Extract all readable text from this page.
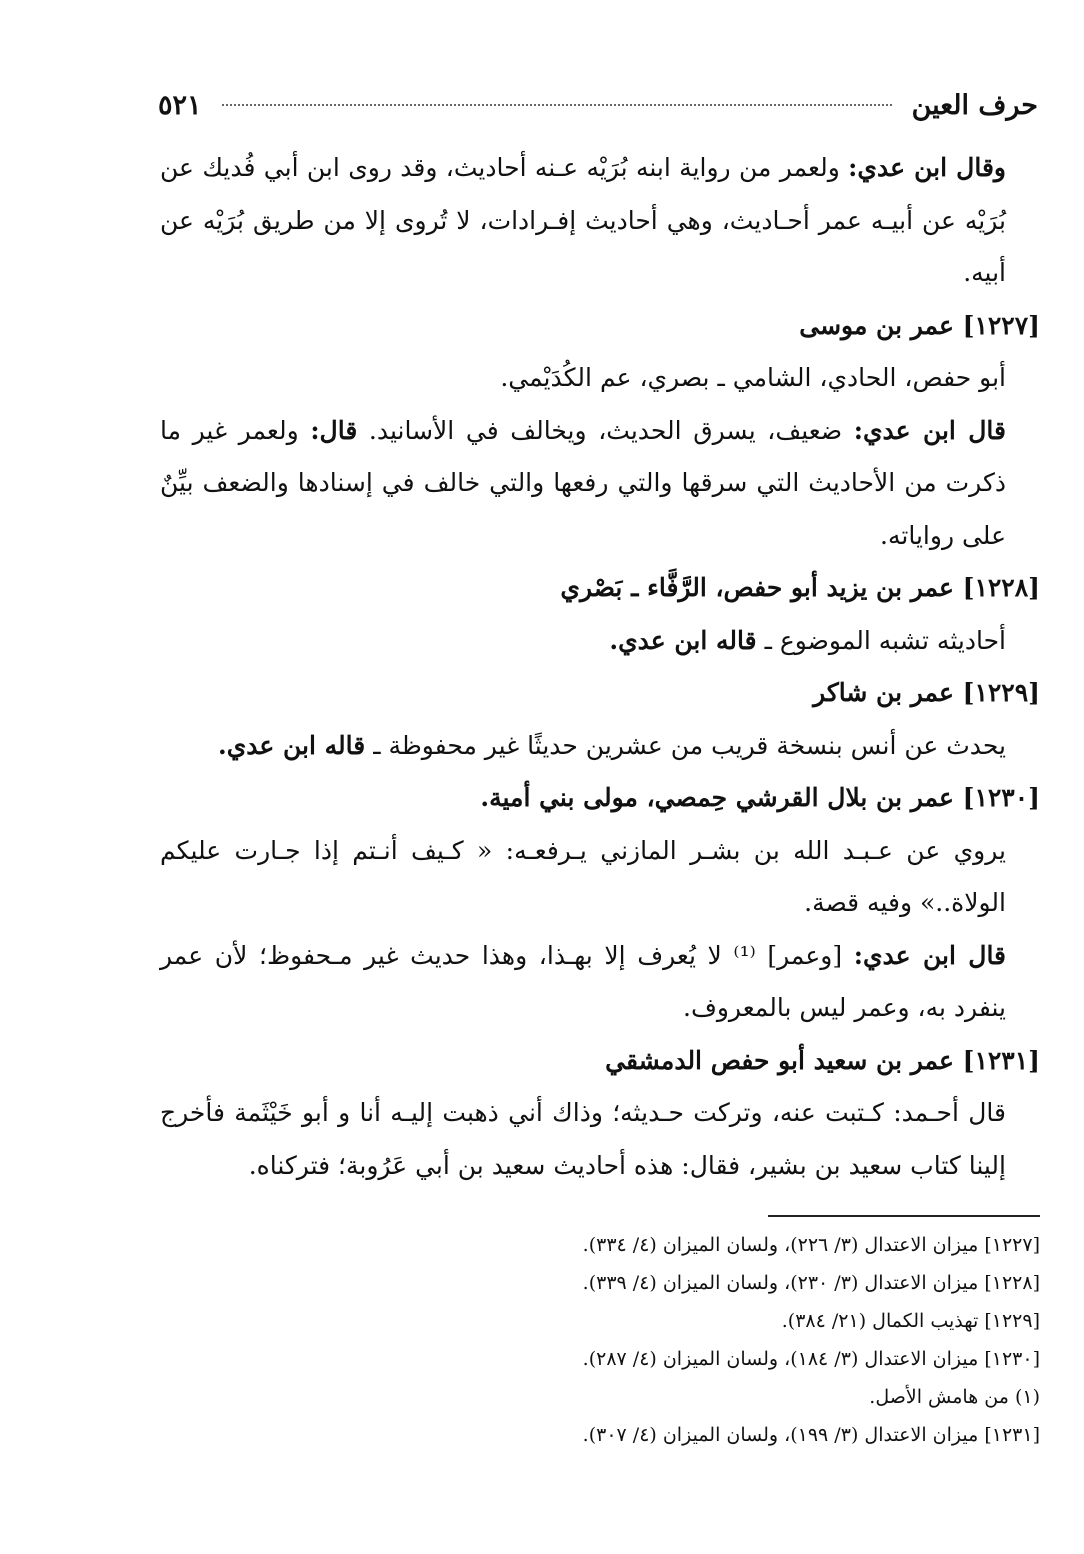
حرف العين
٥٢١

وقال ابن عدي: ولعمر من رواية ابنه بُرَيْه عـنه أحاديث، وقد روى ابن أبي فُديك عن بُرَيْه عن أبيـه عمر أحـاديث، وهي أحاديث إفـرادات، لا تُروى إلا من طريق بُرَيْه عن أبيه.

[١٢٢٧] عمر بن موسى

أبو حفص، الحادي، الشامي ـ بصري، عم الكُدَيْمي.

قال ابن عدي: ضعيف، يسرق الحديث، ويخالف في الأسانيد. قال: ولعمر غير ما ذكرت من الأحاديث التي سرقها والتي رفعها والتي خالف في إسنادها والضعف بيِّنٌ على رواياته.

[١٢٢٨] عمر بن يزيد أبو حفص، الرَّفَّاء ـ بَصْري

أحاديثه تشبه الموضوع ـ قاله ابن عدي.

[١٢٢٩] عمر بن شاكر

يحدث عن أنس بنسخة قريب من عشرين حديثًا غير محفوظة ـ قاله ابن عدي.

[١٢٣٠] عمر بن بلال القرشي حِمصي، مولى بني أمية.

يروي عن عـبـد الله بن بشـر المازني يـرفعـه: « كـيف أنـتم إذا جـارت عليكم الولاة..» وفيه قصة.

قال ابن عدي: [وعمر] ⁽¹⁾ لا يُعرف إلا بهـذا، وهذا حديث غير مـحفوظ؛ لأن عمر ينفرد به، وعمر ليس بالمعروف.

[١٢٣١] عمر بن سعيد أبو حفص الدمشقي

قال أحـمد: كـتبت عنه، وتركت حـديثه؛ وذاك أني ذهبت إليـه أنا و أبو خَيْثَمة فأخرج إلينا كتاب سعيد بن بشير، فقال: هذه أحاديث سعيد بن أبي عَرُوبة؛ فتركناه.

[١٢٢٧] ميزان الاعتدال (٣/ ٢٢٦)، ولسان الميزان (٤/ ٣٣٤).

[١٢٢٨] ميزان الاعتدال (٣/ ٢٣٠)، ولسان الميزان (٤/ ٣٣٩).

[١٢٢٩] تهذيب الكمال (٢١/ ٣٨٤).

[١٢٣٠] ميزان الاعتدال (٣/ ١٨٤)، ولسان الميزان (٤/ ٢٨٧).

(١) من هامش الأصل.

[١٢٣١] ميزان الاعتدال (٣/ ١٩٩)، ولسان الميزان (٤/ ٣٠٧).
